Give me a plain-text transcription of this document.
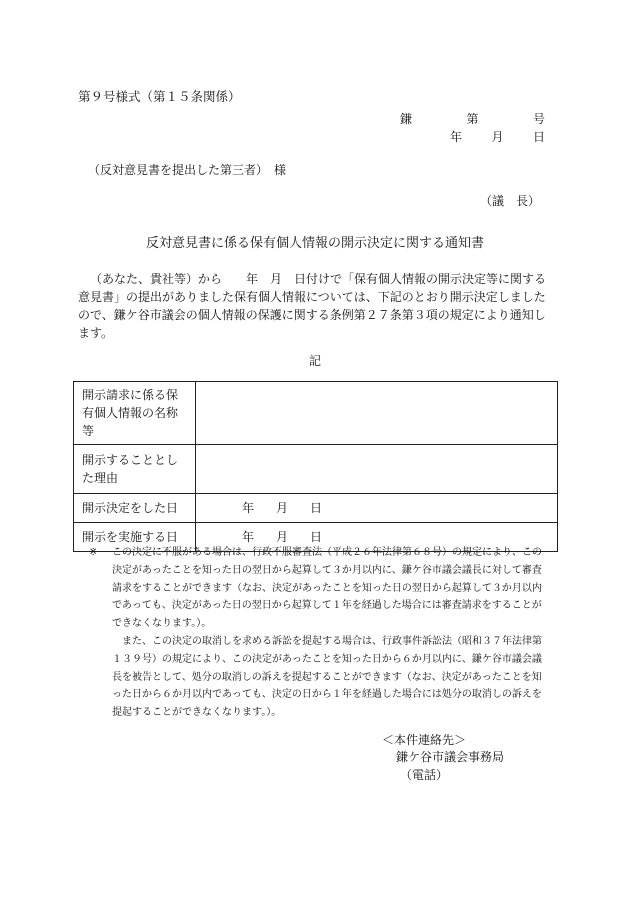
第９号様式（第１５条関係）
鎌	第	号
年 月 日
（反対意見書を提出した第三者）　様
（議　長）
反対意見書に係る保有個人情報の開示決定に関する通知書

（あなた、貴社等）から　　年　月　日付けで「保有個人情報の開示決定等に関する意見書」の提出がありました保有個人情報については、下記のとおり開示決定しましたので、鎌ケ谷市議会の個人情報の保護に関する条例第２７条第３項の規定により通知します。

記
開示請求に係る保有個人情報の名称等	
開示することとした理由	
開示決定をした日	年 月 日

開示を実施する日	年 月 日
※	この決定に不服がある場合は、行政不服審査法（平成２６年法律第６８号）の規定により、この決定があったことを知った日の翌日から起算して３か月以内に、鎌ケ谷市議会議長に対して審査請求をすることができます（なお、決定があったことを知った日の翌日から起算して３か月以内であっても、決定があった日の翌日から起算して１年を経過した場合には審査請求をすることができなくなります。）。

また、この決定の取消しを求める訴訟を提起する場合は、行政事件訴訟法（昭和３７年法律第１３９号）の規定により、この決定があったことを知った日から６か月以内に、鎌ケ谷市議会議長を被告として、処分の取消しの訴えを提起することができます（なお、決定があったことを知った日から６か月以内であっても、決定の日から１年を経過した場合には処分の取消しの訴えを提起することができなくなります。）。

＜本件連絡先＞
鎌ケ谷市議会事務局
（電話）
